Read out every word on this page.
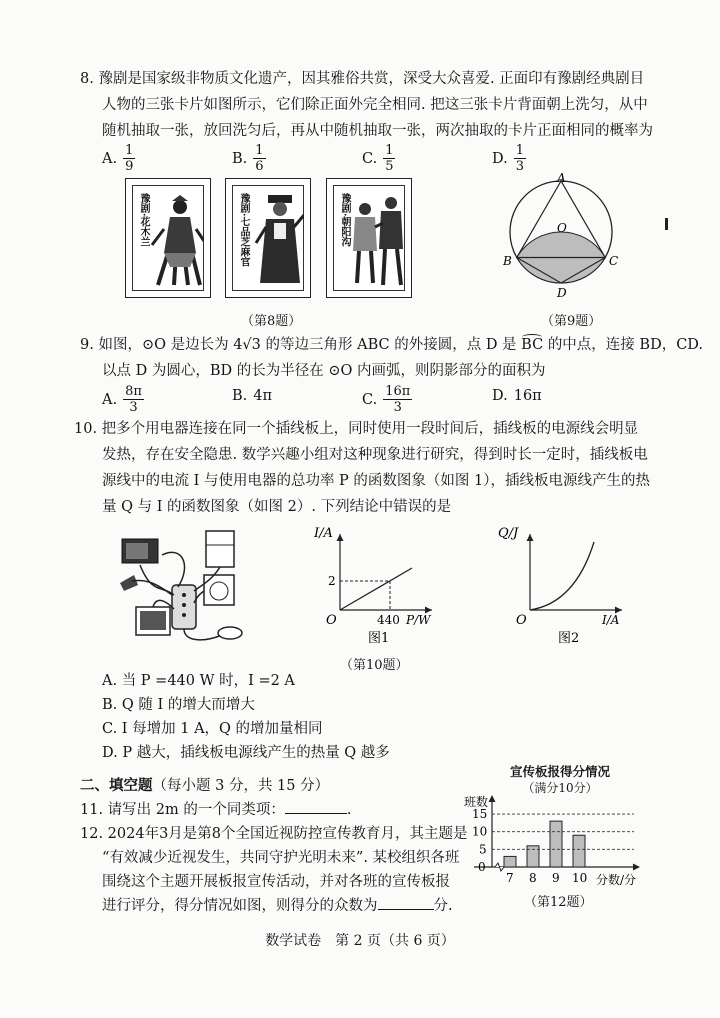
8. 豫剧是国家级非物质文化遗产，因其雅俗共赏，深受大众喜爱. 正面印有豫剧经典剧目
人物的三张卡片如图所示，它们除正面外完全相同. 把这三张卡片背面朝上洗匀，从中
随机抽取一张，放回洗匀后，再从中随机抽取一张，两次抽取的卡片正面相同的概率为
A. $\frac{1}{9}$	B. $\frac{1}{6}$	C. $\frac{1}{5}$	D. $\frac{1}{3}$
豫剧·花木兰	豫剧·七品芝麻官	豫剧·朝阳沟
（第8题）
A
O
B	C
D
（第9题）
9. 如图，⊙O 是边长为 4√3 的等边三角形 ABC 的外接圆，点 D 是 BC 的中点，连接 BD，CD.
以点 D 为圆心，BD 的长为半径在 ⊙O 内画弧，则阴影部分的面积为
A. $\frac{8\pi}{3}$	B. 4π	C. $\frac{16\pi}{3}$	D. 16π
10. 把多个用电器连接在同一个插线板上，同时使用一段时间后，插线板的电源线会明显
发热，存在安全隐患. 数学兴趣小组对这种现象进行研究，得到时长一定时，插线板电
源线中的电流 I 与使用电器的总功率 P 的函数图象（如图 1），插线板电源线产生的热
量 Q 与 I 的函数图象（如图 2）. 下列结论中错误的是
I/A
P/W
O	440
2
图1
Q/J
I/A
O
图2
（第10题）
A. 当 P =440 W 时，I =2 A
B. Q 随 I 的增大而增大
C. I 每增加 1 A，Q 的增加量相同
D. P 越大，插线板电源线产生的热量 Q 越多
二、填空题（每小题 3 分，共 15 分）
11. 请写出 2m 的一个同类项：	.
12. 2024年3月是第8个全国近视防控宣传教育月，其主题是
“有效减少近视发生，共同守护光明未来”. 某校组织各班
围绕这个主题开展板报宣传活动，并对各班的宣传板报
进行评分，得分情况如图，则得分的众数为	分.
宣传板报得分情况
（满分10分）
班数
分数/分
7 8 9 10
0
5
10
15
（第12题）
数学试卷　第 2 页（共 6 页）
